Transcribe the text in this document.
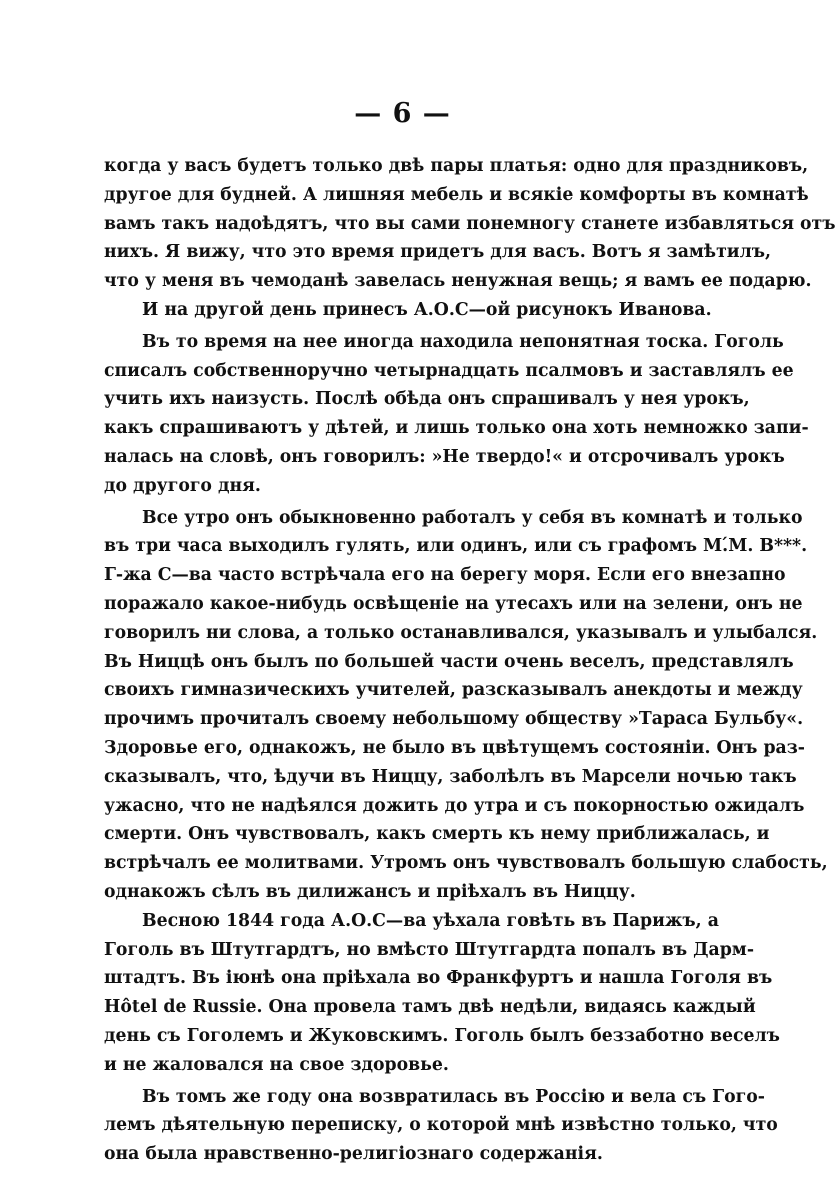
— 6 —
когда у васъ будетъ только двѣ пары платья: одно для праздниковъ,
другое для будней. А лишняя мебель и всякіе комфорты въ комнатѣ
вамъ такъ надоѣдятъ, что вы сами понемногу станете избавляться отъ
нихъ. Я вижу, что это время придетъ для васъ. Вотъ я замѣтилъ,
что у меня въ чемоданѣ завелась ненужная вещь; я вамъ ее подарю.
И на другой день принесъ А.О.С—ой рисунокъ Иванова.
Въ то время на нее иногда находила непонятная тоска. Гоголь
списалъ собственноручно четырнадцать псалмовъ и заставлялъ ее
учить ихъ наизусть. Послѣ обѣда онъ спрашивалъ у нея урокъ,
какъ спрашиваютъ у дѣтей, и лишь только она хоть немножко запи-
налась на словѣ, онъ говорилъ: »Не твердо!« и отсрочивалъ урокъ
до другого дня.
Все утро онъ обыкновенно работалъ у себя въ комнатѣ и только
въ три часа выходилъ гулять, или одинъ, или съ графомъ М.́М. В***.
Г-жа С—ва часто встрѣчала его на берегу моря. Если его внезапно
поражало какое-нибудь освѣщеніе на утесахъ или на зелени, онъ не
говорилъ ни слова, а только останавливался, указывалъ и улыбался.
Въ Ниццѣ онъ былъ по большей части очень веселъ, представлялъ
своихъ гимназическихъ учителей, разсказывалъ анекдоты и между
прочимъ прочиталъ своему небольшому обществу »Тараса Бульбу«.
Здоровье его, однакожъ, не было въ цвѣтущемъ состояніи. Онъ раз-
сказывалъ, что, ѣдучи въ Ниццу, заболѣлъ въ Марсели ночью такъ
ужасно, что не надѣялся дожить до утра и съ покорностью ожидалъ
смерти. Онъ чувствовалъ, какъ смерть къ нему приближалась, и
встрѣчалъ ее молитвами. Утромъ онъ чувствовалъ большую слабость,
однакожъ сѣлъ въ дилижансъ и пріѣхалъ въ Ниццу.
Весною 1844 года А.О.С—ва уѣхала говѣть въ Парижъ, а
Гоголь въ Штутгардтъ, но вмѣсто Штутгардта попалъ въ Дарм-
штадтъ. Въ іюнѣ она пріѣхала во Франкфуртъ и нашла Гоголя въ
Hôtel de Russie. Она провела тамъ двѣ недѣли, видаясь каждый
день съ Гоголемъ и Жуковскимъ. Гоголь былъ беззаботно веселъ
и не жаловался на свое здоровье.
Въ томъ же году она возвратилась въ Россію и вела съ Гого-
лемъ дѣятельную переписку, о которой мнѣ извѣстно только, что
она была нравственно-религіознаго содержанія.
